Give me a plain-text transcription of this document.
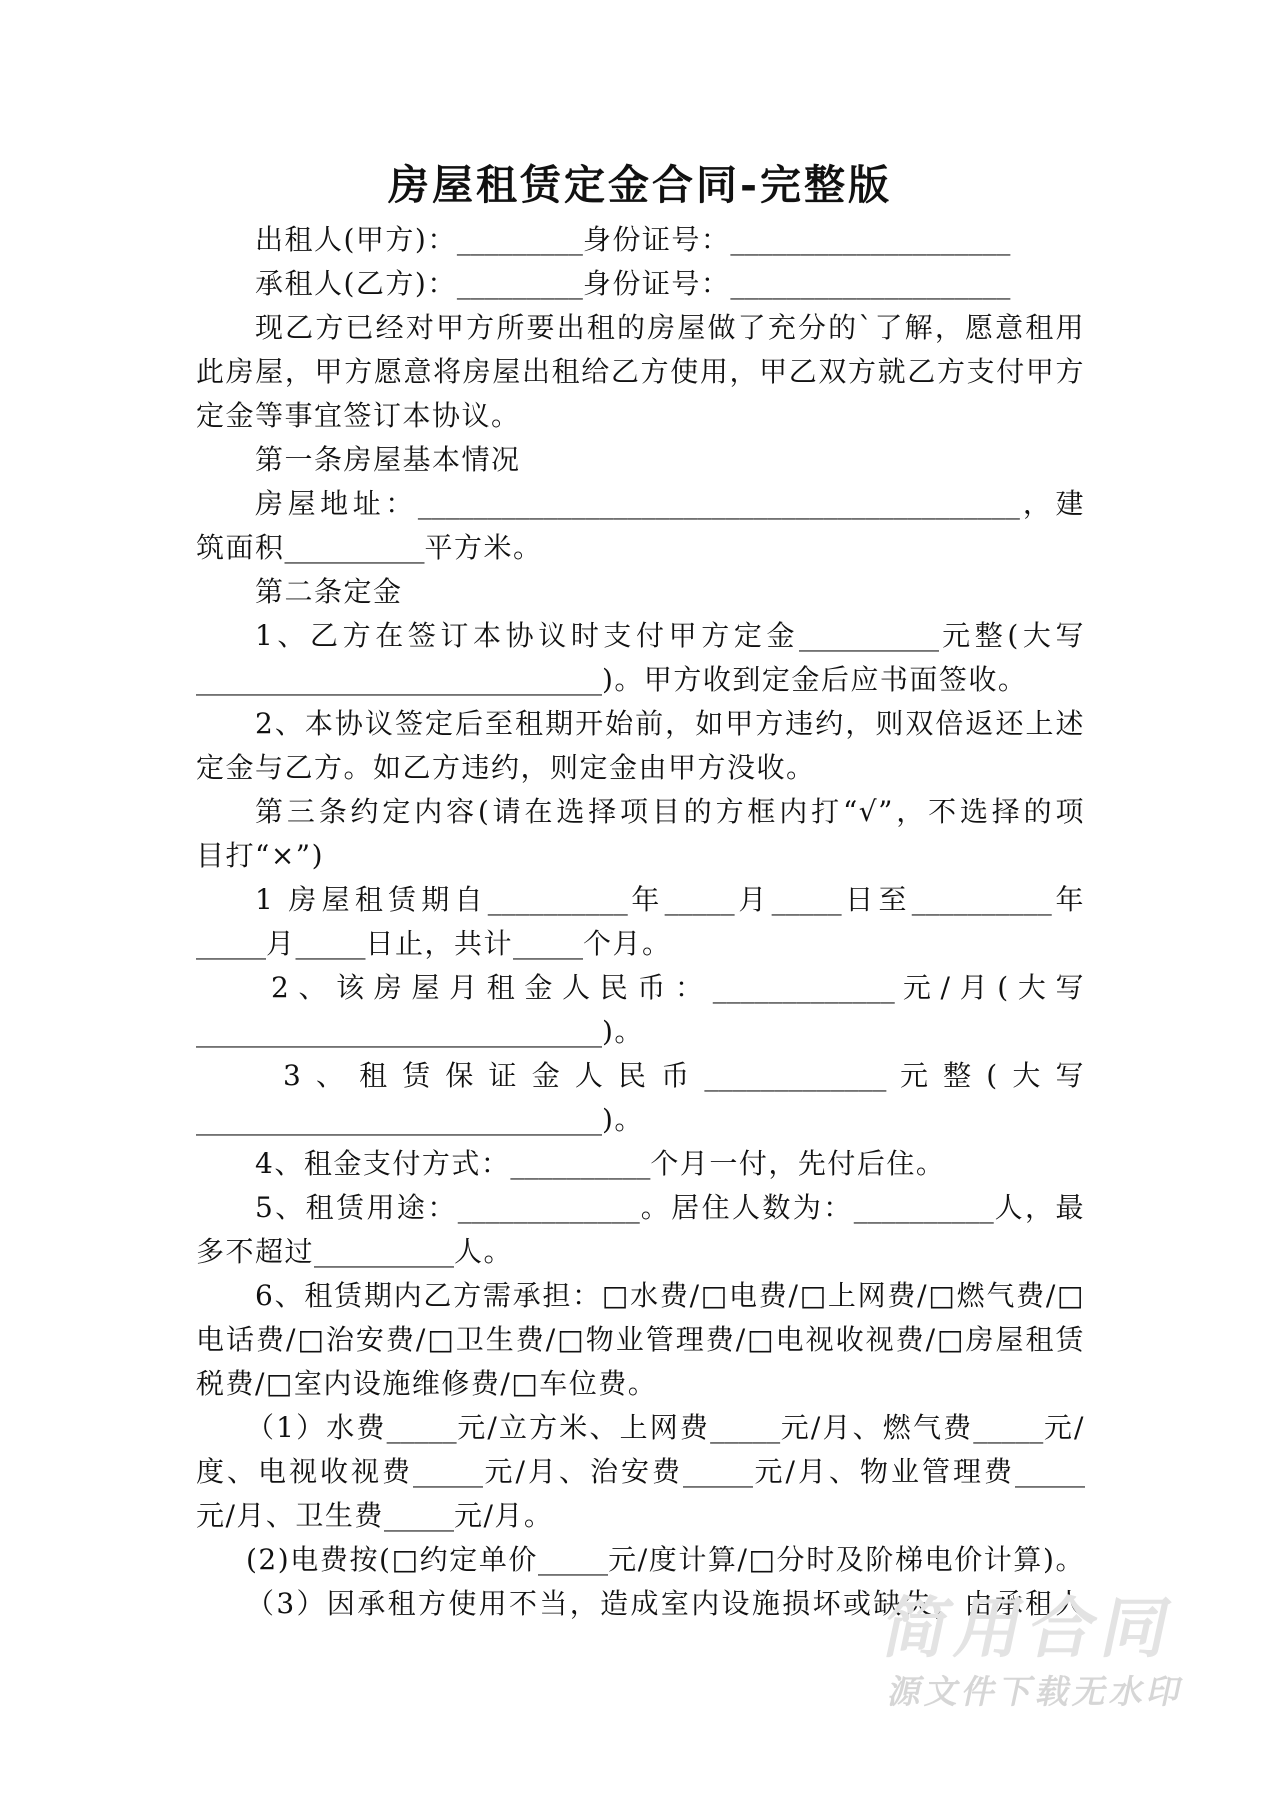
房屋租赁定金合同-完整版
出租人(甲方)：_________身份证号：____________________
承租人(乙方)：_________身份证号：____________________
现乙方已经对甲方所要出租的房屋做了充分的`了解，愿意租用
此房屋，甲方愿意将房屋出租给乙方使用，甲乙双方就乙方支付甲方
定金等事宜签订本协议。
第一条房屋基本情况
房屋地址：___________________________________________，建
筑面积__________平方米。
第二条定金
1、乙方在签订本协议时支付甲方定金__________元整(大写
_____________________________)。甲方收到定金后应书面签收。
2、本协议签定后至租期开始前，如甲方违约，则双倍返还上述
定金与乙方。如乙方违约，则定金由甲方没收。
第三条约定内容(请在选择项目的方框内打“√”，不选择的项
目打“×”)
1 房屋租赁期自__________年_____月_____日至__________年
_____月_____日止，共计_____个月。
2、该房屋月租金人民币：_____________元/月(大写
_____________________________)。
3、租赁保证金人民币_____________元整(大写
_____________________________)。
4、租金支付方式：__________个月一付，先付后住。
5、租赁用途：_____________。居住人数为：__________人，最
多不超过__________人。
6、租赁期内乙方需承担：□水费/□电费/□上网费/□燃气费/□
电话费/□治安费/□卫生费/□物业管理费/□电视收视费/□房屋租赁
税费/□室内设施维修费/□车位费。
（1）水费_____元/立方米、上网费_____元/月、燃气费_____元/
度、电视收视费_____元/月、治安费_____元/月、物业管理费_____
元/月、卫生费_____元/月。
(2)电费按(□约定单价_____元/度计算/□分时及阶梯电价计算)。
（3）因承租方使用不当，造成室内设施损坏或缺失，由承租人
简用合同
源文件下载无水印
